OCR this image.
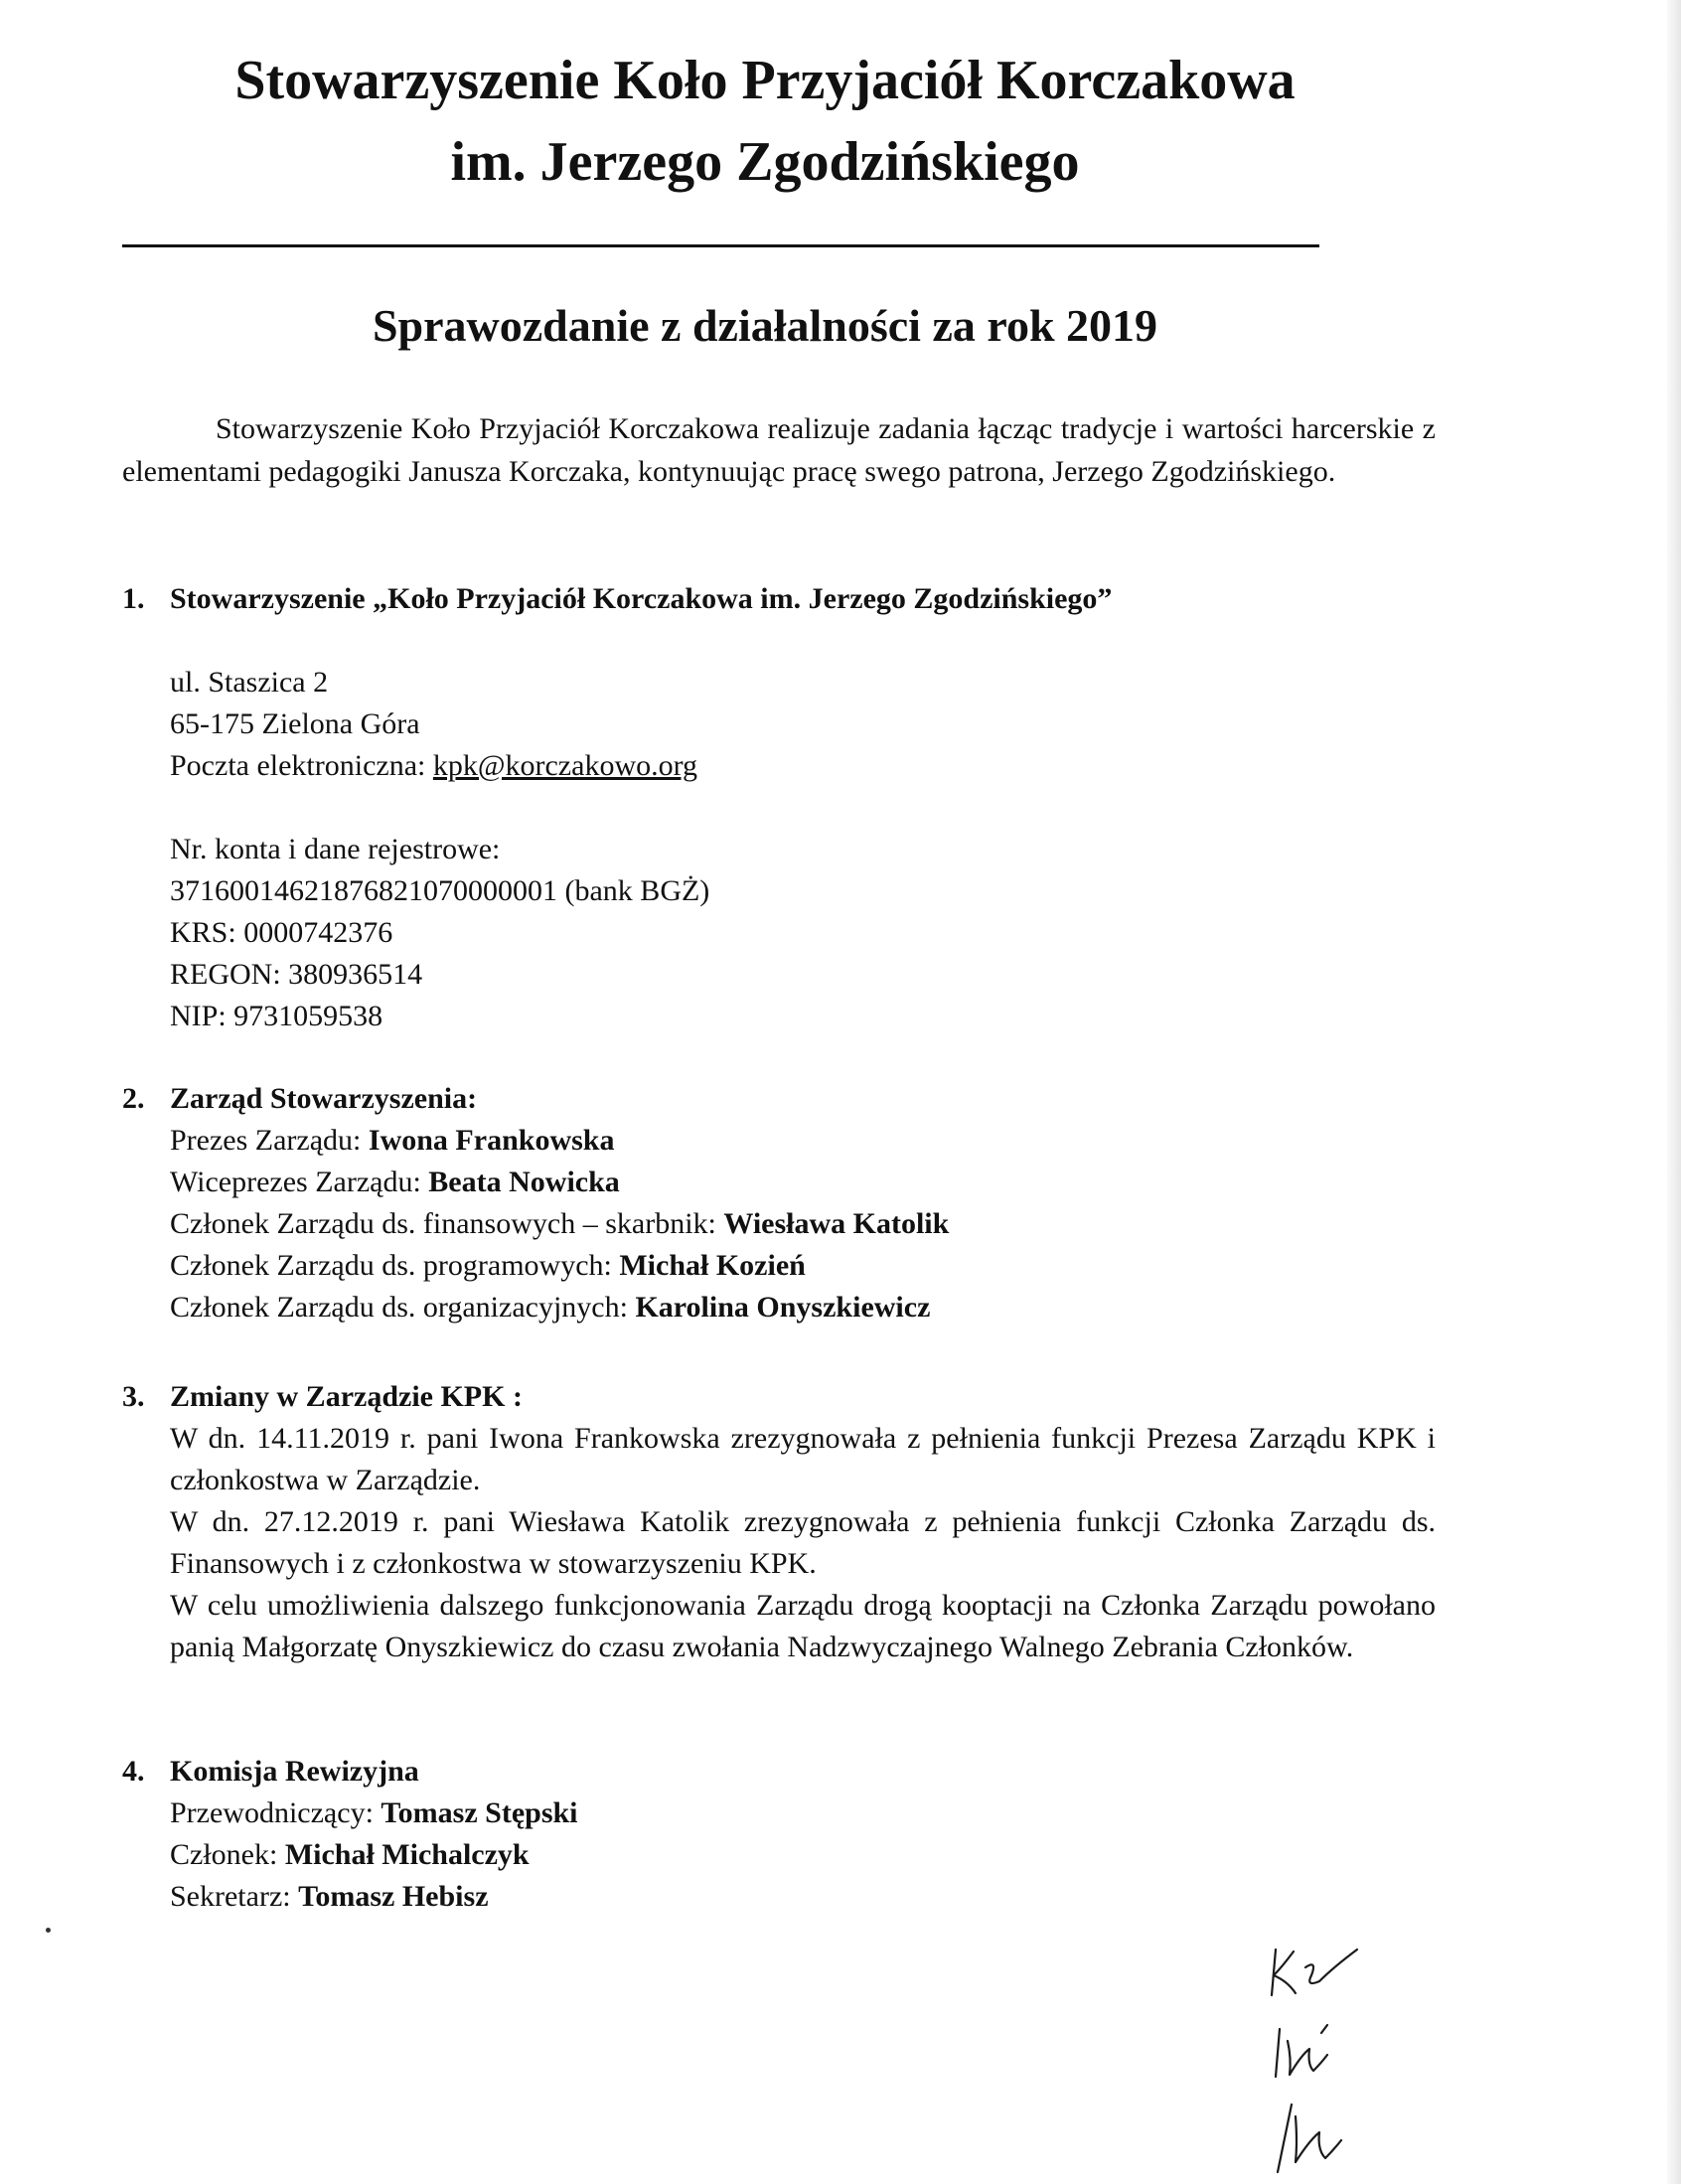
Stowarzyszenie Koło Przyjaciół Korczakowa
im. Jerzego Zgodzińskiego
Sprawozdanie z działalności za rok 2019

Stowarzyszenie Koło Przyjaciół Korczakowa realizuje zadania łącząc tradycje i wartości harcerskie z elementami pedagogiki Janusza Korczaka, kontynuując pracę swego patrona, Jerzego Zgodzińskiego.

1. Stowarzyszenie „Koło Przyjaciół Korczakowa im. Jerzego Zgodzińskiego”
ul. Staszica 2
65-175 Zielona Góra
Poczta elektroniczna: kpk@korczakowo.org
Nr. konta i dane rejestrowe:
37160014621876821070000001 (bank BGŻ)
KRS: 0000742376
REGON: 380936514
NIP: 9731059538
2. Zarząd Stowarzyszenia:
Prezes Zarządu: Iwona Frankowska
Wiceprezes Zarządu: Beata Nowicka
Członek Zarządu ds. finansowych – skarbnik: Wiesława Katolik
Członek Zarządu ds. programowych: Michał Kozień
Członek Zarządu ds. organizacyjnych: Karolina Onyszkiewicz
3. Zmiany w Zarządzie KPK :
W dn. 14.11.2019 r. pani Iwona Frankowska zrezygnowała z pełnienia funkcji Prezesa Zarządu KPK i członkostwa w Zarządzie.
W dn. 27.12.2019 r. pani Wiesława Katolik zrezygnowała z pełnienia funkcji Członka Zarządu ds. Finansowych i z członkostwa w stowarzyszeniu KPK.
W celu umożliwienia dalszego funkcjonowania Zarządu drogą kooptacji na Członka Zarządu powołano panią Małgorzatę Onyszkiewicz do czasu zwołania Nadzwyczajnego Walnego Zebrania Członków.
4. Komisja Rewizyjna
Przewodniczący: Tomasz Stępski
Członek: Michał Michalczyk
Sekretarz: Tomasz Hebisz
